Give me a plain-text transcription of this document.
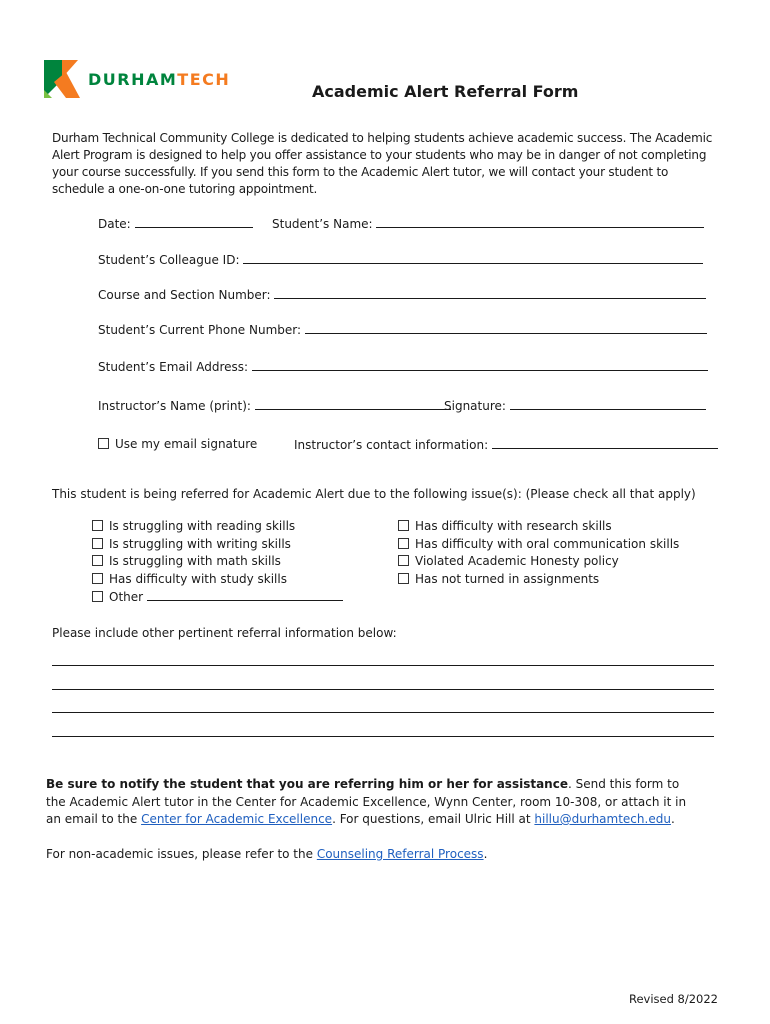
DURHAMTECH
Academic Alert Referral Form
Durham Technical Community College is dedicated to helping students achieve academic success. The Academic Alert Program is designed to help you offer assistance to your students who may be in danger of not completing your course successfully. If you send this form to the Academic Alert tutor, we will contact your student to schedule a one-on-one tutoring appointment.
Date:	Student’s Name:
Student’s Colleague ID:
Course and Section Number:
Student’s Current Phone Number:
Student’s Email Address:
Instructor’s Name (print):	Signature:
Use my email signature	Instructor’s contact information:
This student is being referred for Academic Alert due to the following issue(s): (Please check all that apply)
Is struggling with reading skills
Is struggling with writing skills
Is struggling with math skills
Has difficulty with study skills
Other
Has difficulty with research skills
Has difficulty with oral communication skills
Violated Academic Honesty policy
Has not turned in assignments
Please include other pertinent referral information below:
Be sure to notify the student that you are referring him or her for assistance. Send this form to the Academic Alert tutor in the Center for Academic Excellence, Wynn Center, room 10-308, or attach it in an email to the Center for Academic Excellence. For questions, email Ulric Hill at hillu@durhamtech.edu.
For non-academic issues, please refer to the Counseling Referral Process.
Revised 8/2022
